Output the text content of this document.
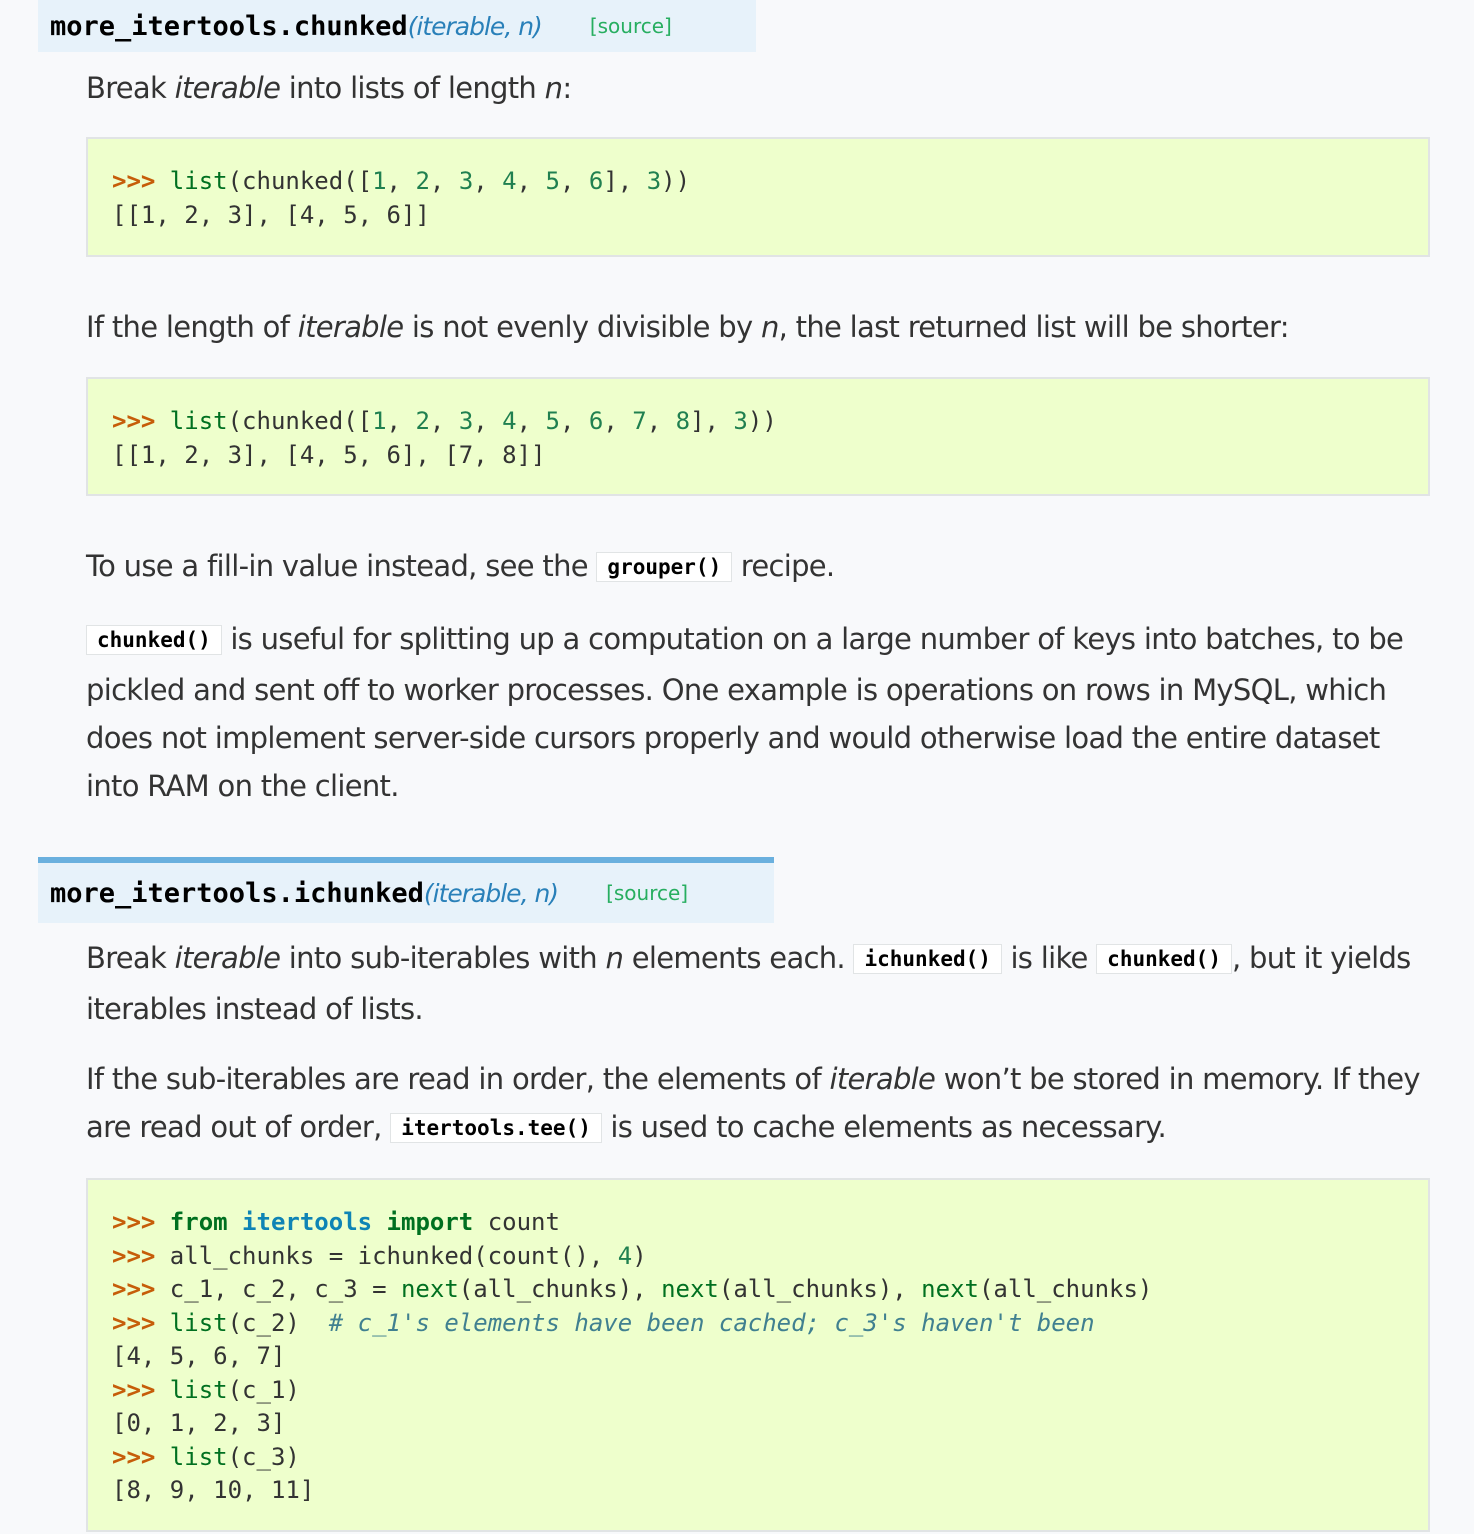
more_itertools. chunked (iterable, n) [source]

Break iterable into lists of length n:

>>> list(chunked([1, 2, 3, 4, 5, 6], 3))
[[1, 2, 3], [4, 5, 6]]

If the length of iterable is not evenly divisible by n, the last returned list will be shorter:

>>> list(chunked([1, 2, 3, 4, 5, 6, 7, 8], 3))
[[1, 2, 3], [4, 5, 6], [7, 8]]

To use a fill-in value instead, see the grouper() recipe.

chunked() is useful for splitting up a computation on a large number of keys into batches, to be pickled and sent off to worker processes. One example is operations on rows in MySQL, which does not implement server-side cursors properly and would otherwise load the entire dataset into RAM on the client.

more_itertools. ichunked (iterable, n) [source]

Break iterable into sub-iterables with n elements each. ichunked() is like chunked() , but it yields iterables instead of lists.

If the sub-iterables are read in order, the elements of iterable won’t be stored in memory. If they are read out of order, itertools.tee() is used to cache elements as necessary.

>>> from itertools import count
>>> all_chunks = ichunked(count(), 4)
>>> c_1, c_2, c_3 = next(all_chunks), next(all_chunks), next(all_chunks)
>>> list(c_2)  # c_1's elements have been cached; c_3's haven't been
[4, 5, 6, 7]
>>> list(c_1)
[0, 1, 2, 3]
>>> list(c_3)
[8, 9, 10, 11]
